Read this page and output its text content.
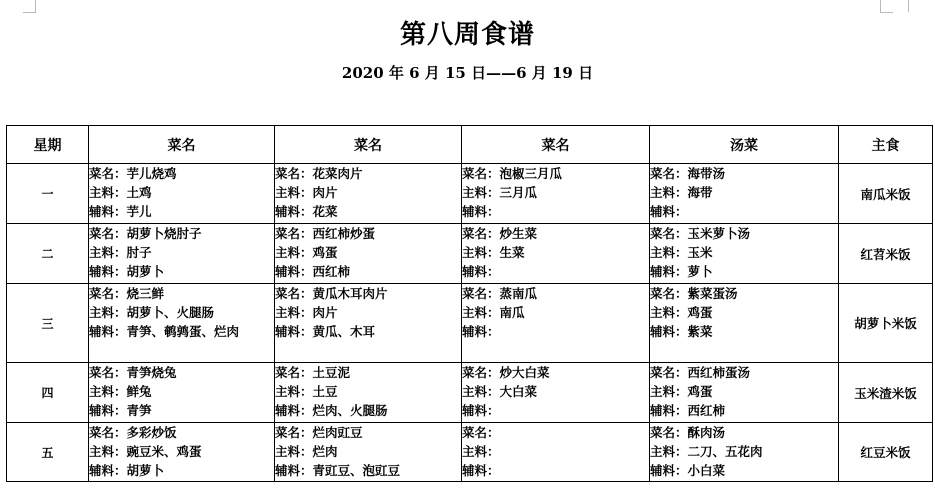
第八周食谱
2020 年 6 月 15 日——6 月 19 日
星期	菜名	菜名	菜名	汤菜	主食
一	菜名：芋儿烧鸡
主料：土鸡
辅料：芋儿	菜名：花菜肉片
主料：肉片
辅料：花菜	菜名：泡椒三月瓜
主料：三月瓜
辅料：	菜名：海带汤
主料：海带
辅料：	南瓜米饭
二	菜名：胡萝卜烧肘子
主料：肘子
辅料：胡萝卜	菜名：西红柿炒蛋
主料：鸡蛋
辅料：西红柿	菜名：炒生菜
主料：生菜
辅料：	菜名：玉米萝卜汤
主料：玉米
辅料：萝卜	红苕米饭
三	菜名：烧三鲜
主料：胡萝卜、火腿肠
辅料：青笋、鹌鹑蛋、烂肉	菜名：黄瓜木耳肉片
主料：肉片
辅料：黄瓜、木耳	菜名：蒸南瓜
主料：南瓜
辅料：	菜名：紫菜蛋汤
主料：鸡蛋
辅料：紫菜	胡萝卜米饭
四	菜名：青笋烧兔
主料：鲜兔
辅料：青笋	菜名：土豆泥
主料：土豆
辅料：烂肉、火腿肠	菜名：炒大白菜
主料：大白菜
辅料：	菜名：西红柿蛋汤
主料：鸡蛋
辅料：西红柿	玉米渣米饭
五	菜名：多彩炒饭
主料：豌豆米、鸡蛋
辅料：胡萝卜	菜名：烂肉豇豆
主料：烂肉
辅料：青豇豆、泡豇豆	菜名：
主料：
辅料：	菜名：酥肉汤
主料：二刀、五花肉
辅料：小白菜	红豆米饭
